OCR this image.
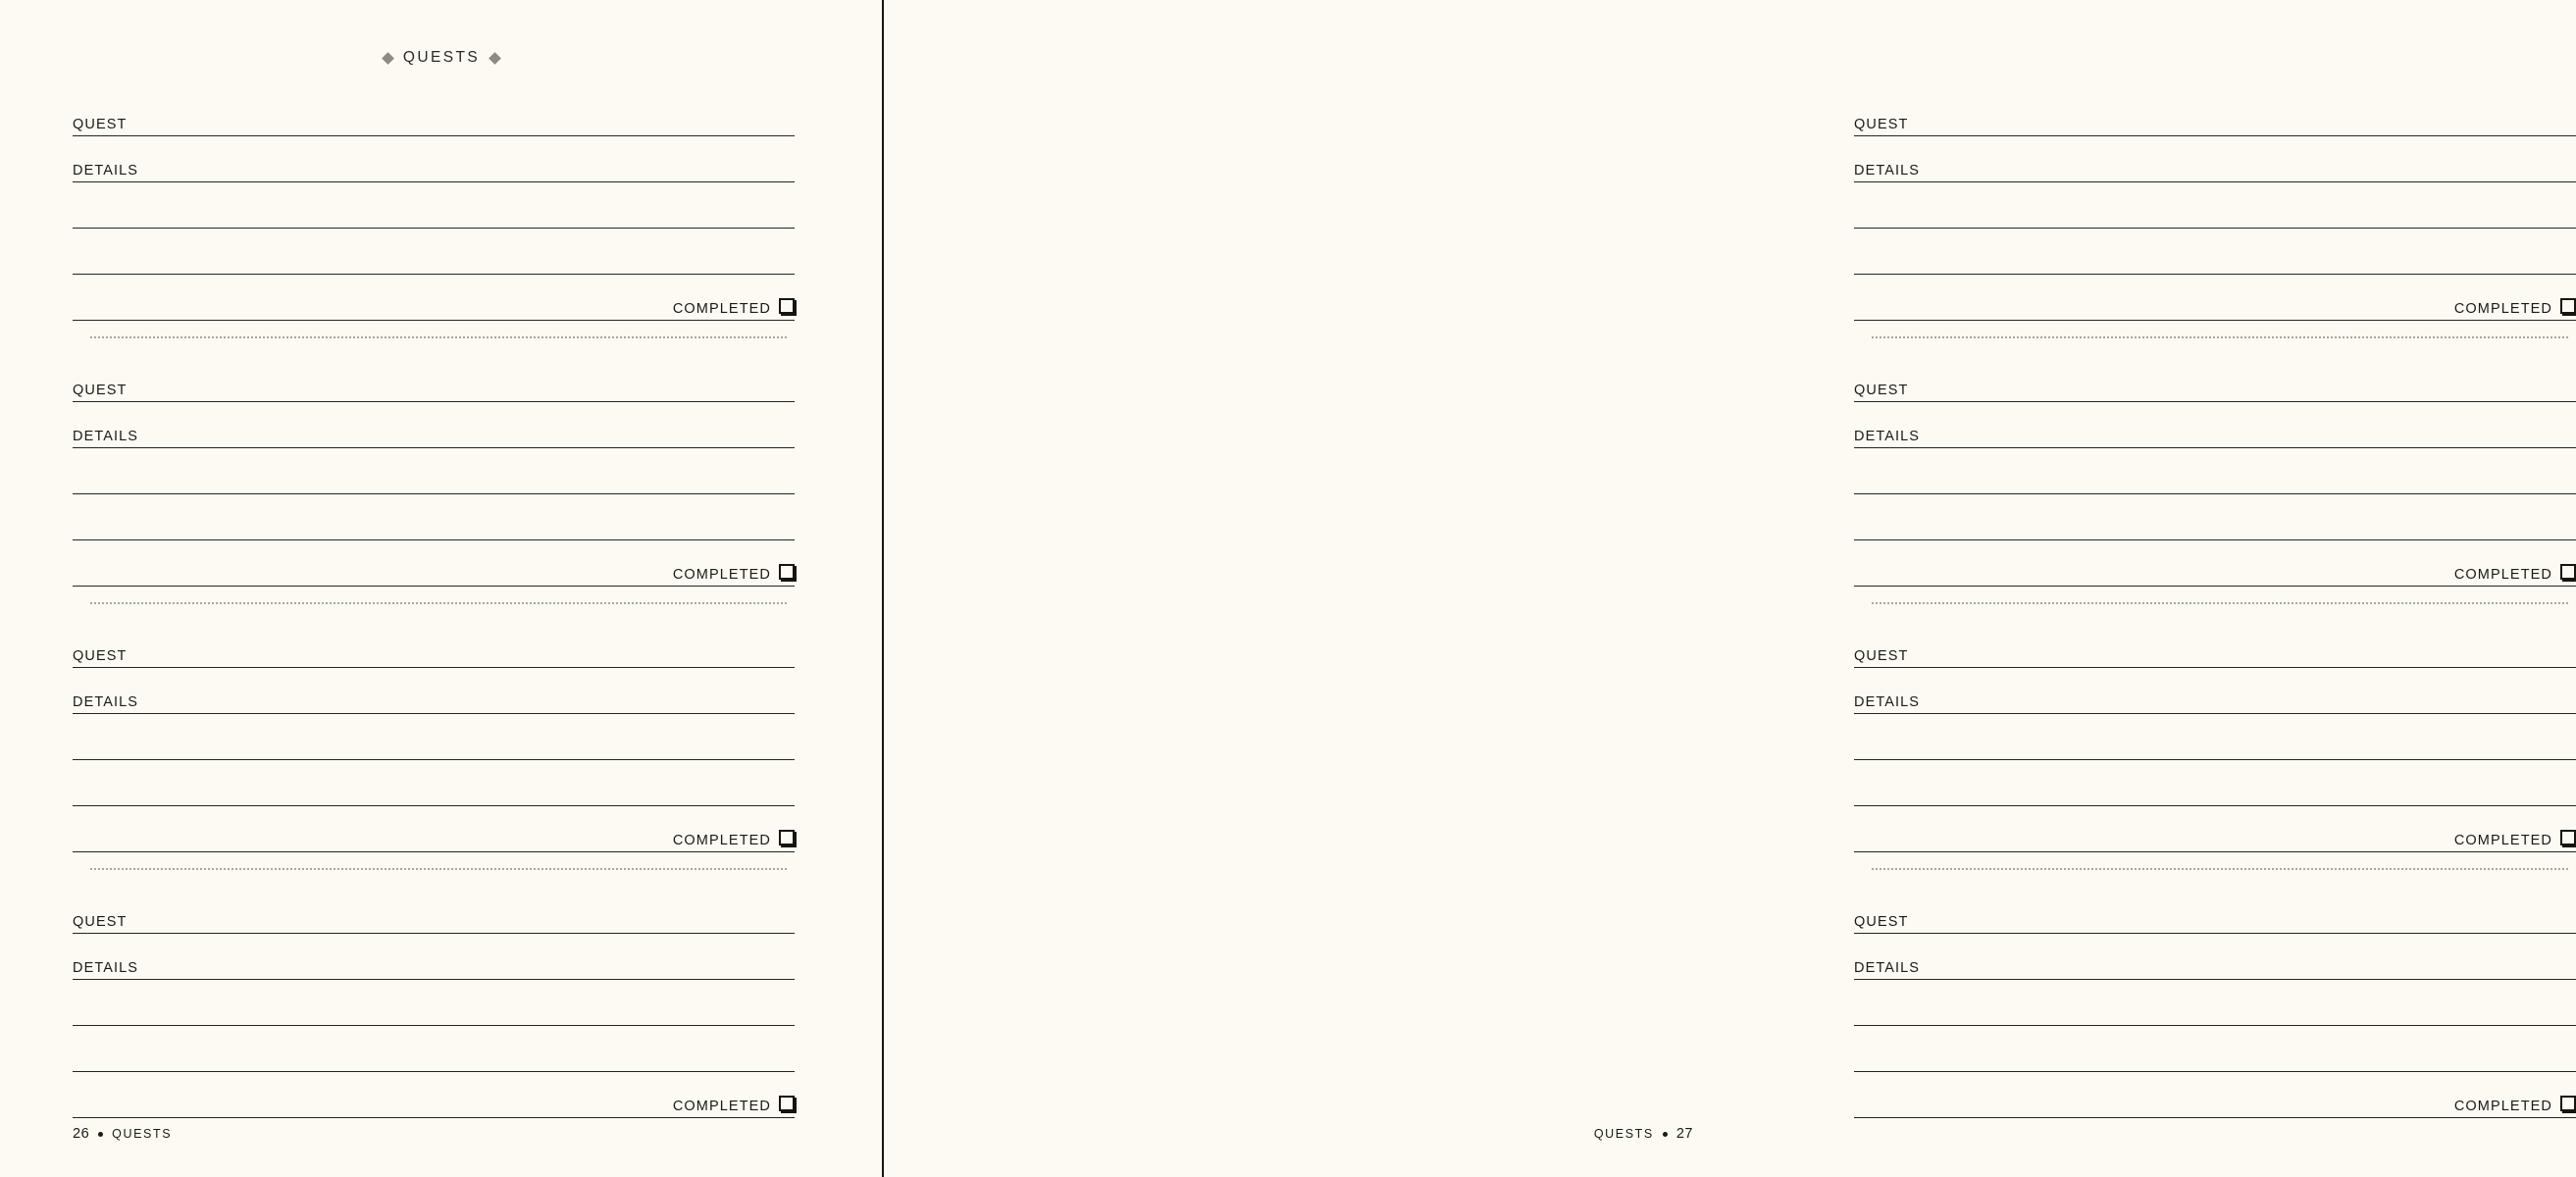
QUESTS
QUEST
DETAILS
COMPLETED
QUEST
DETAILS
COMPLETED
QUEST
DETAILS
COMPLETED
QUEST
DETAILS
COMPLETED
26 QUESTS
QUEST
DETAILS
COMPLETED
QUEST
DETAILS
COMPLETED
QUEST
DETAILS
COMPLETED
QUEST
DETAILS
COMPLETED
QUESTS 27
